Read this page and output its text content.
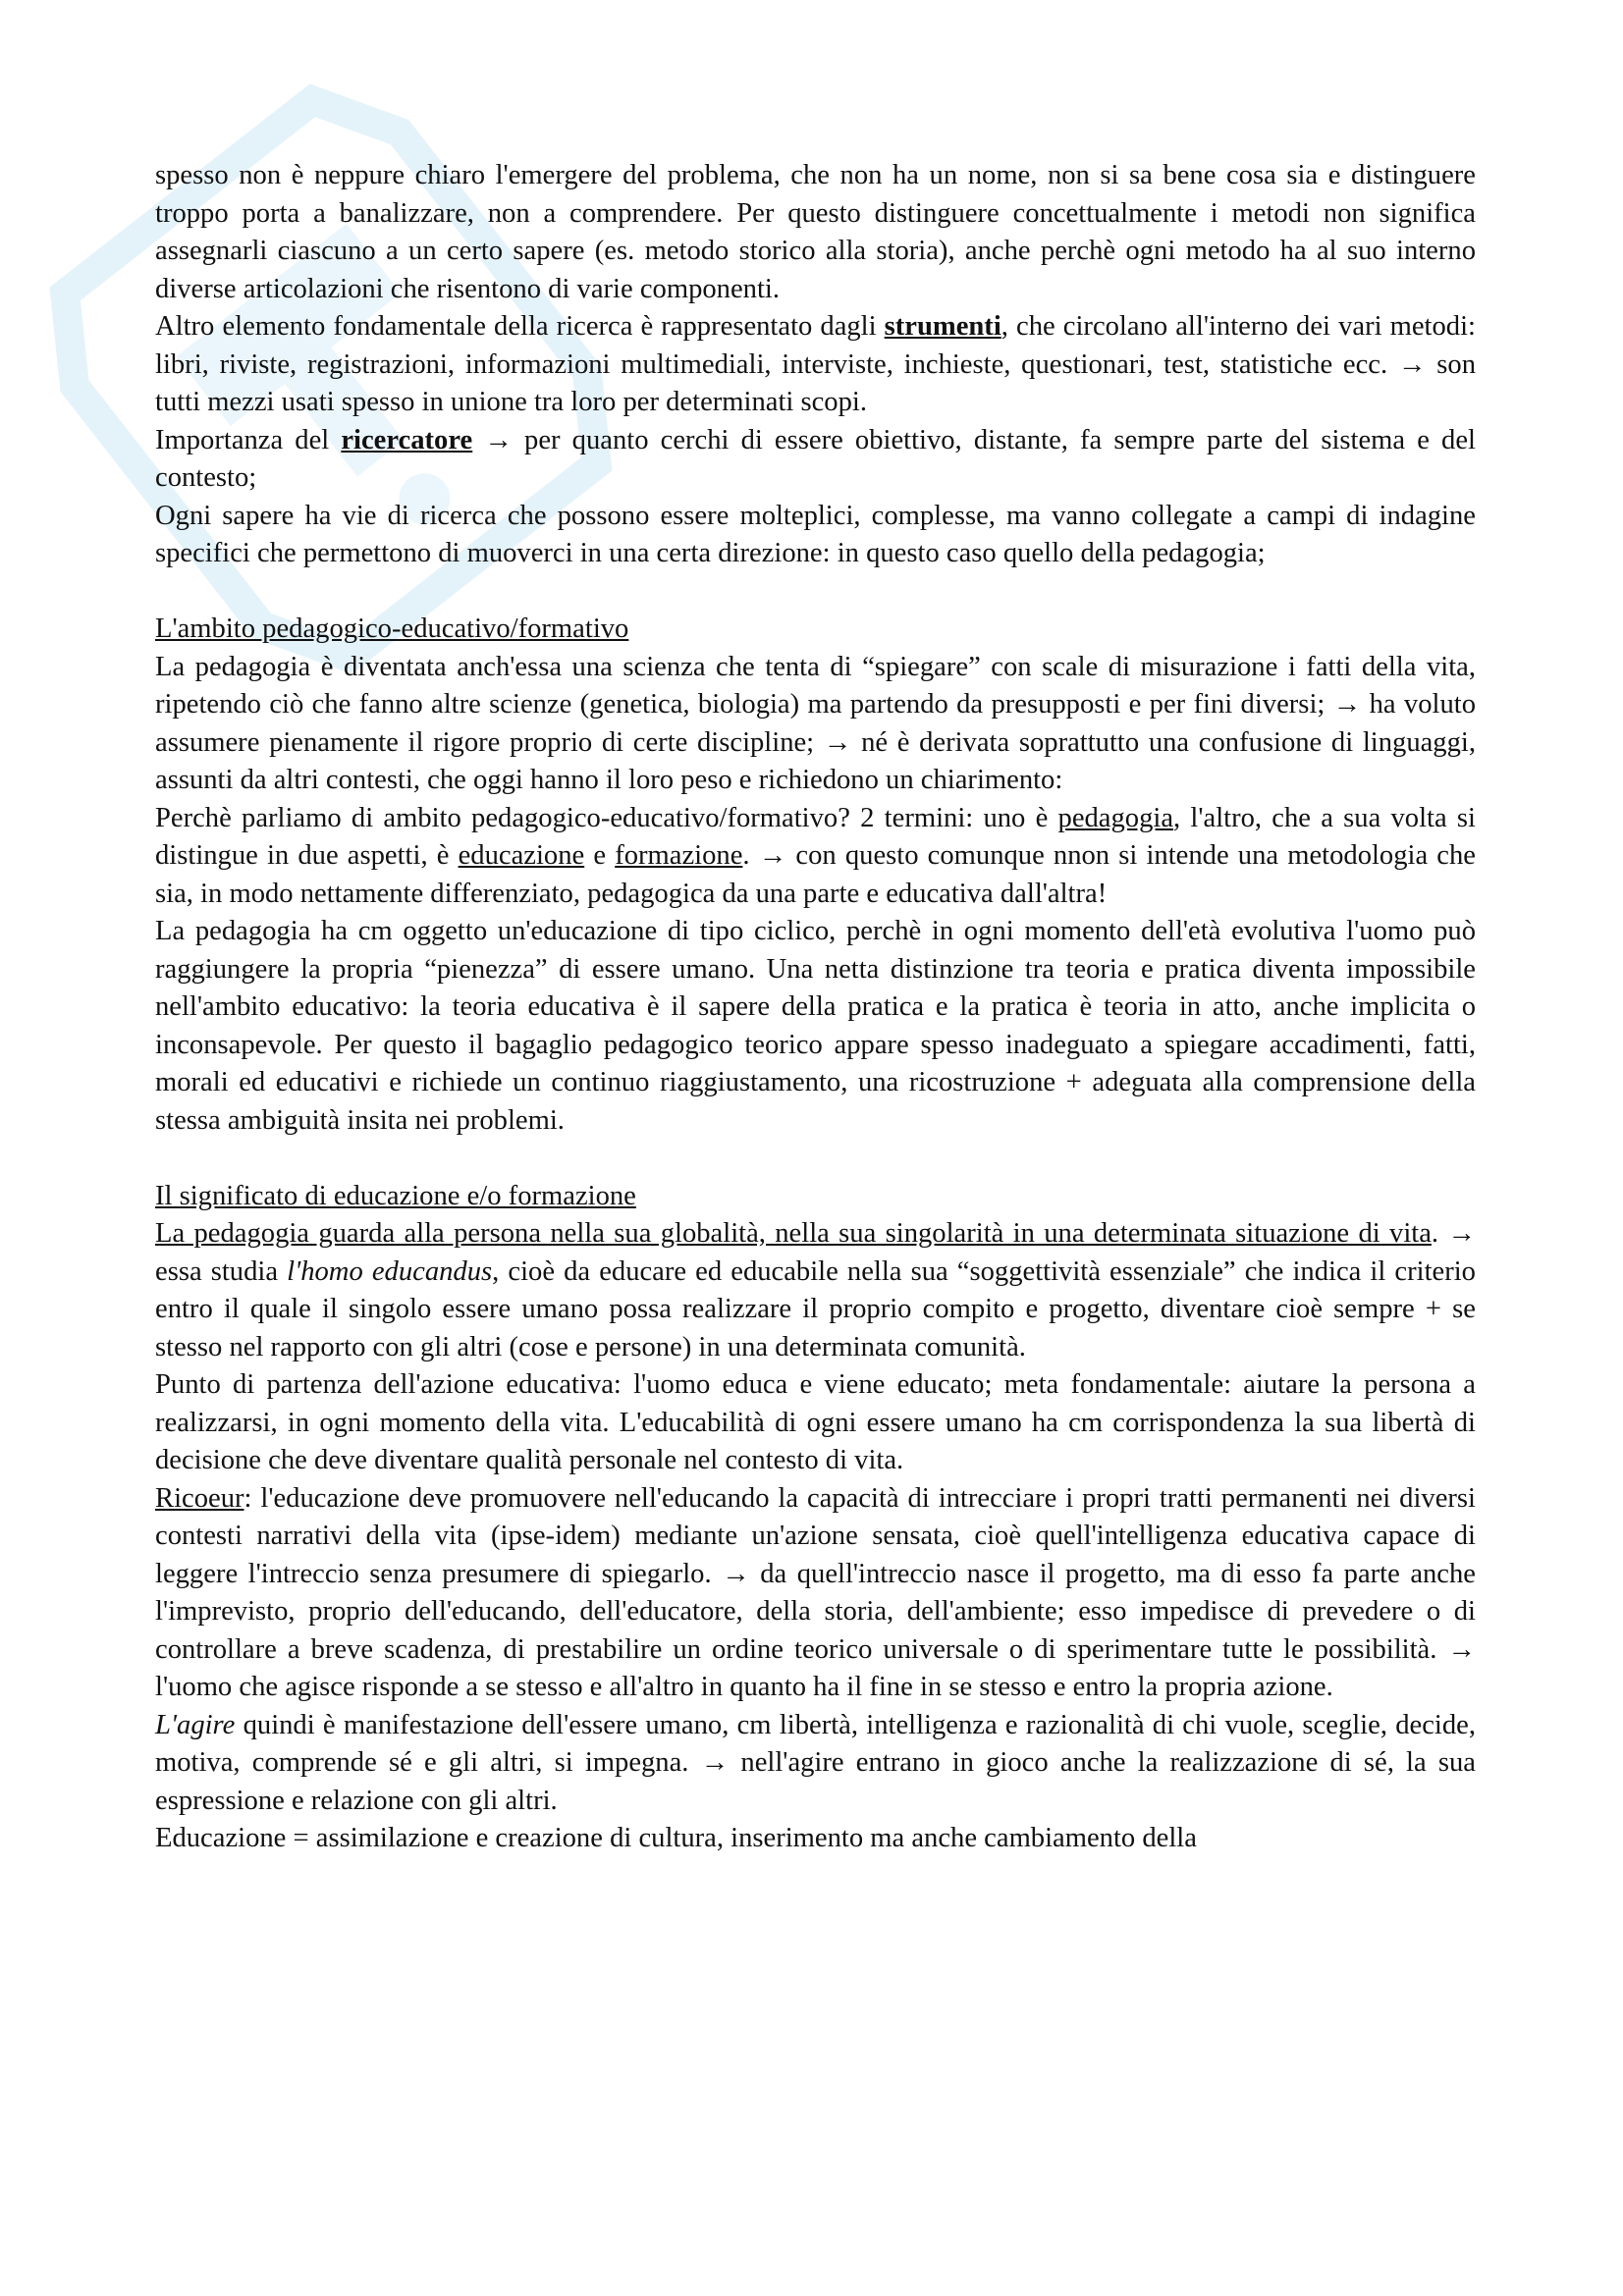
spesso non è neppure chiaro l'emergere del problema, che non ha un nome, non si sa bene cosa sia e distinguere troppo porta a banalizzare, non a comprendere. Per questo distinguere concettualmente i metodi non significa assegnarli ciascuno a un certo sapere (es. metodo storico alla storia), anche perchè ogni metodo ha al suo interno diverse articolazioni che risentono di varie componenti.

Altro elemento fondamentale della ricerca è rappresentato dagli strumenti, che circolano all'interno dei vari metodi: libri, riviste, registrazioni, informazioni multimediali, interviste, inchieste, questionari, test, statistiche ecc. → son tutti mezzi usati spesso in unione tra loro per determinati scopi.

Importanza del ricercatore → per quanto cerchi di essere obiettivo, distante, fa sempre parte del sistema e del contesto;

Ogni sapere ha vie di ricerca che possono essere molteplici, complesse, ma vanno collegate a campi di indagine specifici che permettono di muoverci in una certa direzione: in questo caso quello della pedagogia;

L'ambito pedagogico-educativo/formativo

La pedagogia è diventata anch'essa una scienza che tenta di “spiegare” con scale di misurazione i fatti della vita, ripetendo ciò che fanno altre scienze (genetica, biologia) ma partendo da presupposti e per fini diversi; → ha voluto assumere pienamente il rigore proprio di certe discipline; → né è derivata soprattutto una confusione di linguaggi, assunti da altri contesti, che oggi hanno il loro peso e richiedono un chiarimento:

Perchè parliamo di ambito pedagogico-educativo/formativo? 2 termini: uno è pedagogia, l'altro, che a sua volta si distingue in due aspetti, è educazione e formazione. → con questo comunque nnon si intende una metodologia che sia, in modo nettamente differenziato, pedagogica da una parte e educativa dall'altra!

La pedagogia ha cm oggetto un'educazione di tipo ciclico, perchè in ogni momento dell'età evolutiva l'uomo può raggiungere la propria “pienezza” di essere umano. Una netta distinzione tra teoria e pratica diventa impossibile nell'ambito educativo: la teoria educativa è il sapere della pratica e la pratica è teoria in atto, anche implicita o inconsapevole. Per questo il bagaglio pedagogico teorico appare spesso inadeguato a spiegare accadimenti, fatti, morali ed educativi e richiede un continuo riaggiustamento, una ricostruzione + adeguata alla comprensione della stessa ambiguità insita nei problemi.

Il significato di educazione e/o formazione

La pedagogia guarda alla persona nella sua globalità, nella sua singolarità in una determinata situazione di vita. → essa studia l'homo educandus, cioè da educare ed educabile nella sua “soggettività essenziale” che indica il criterio entro il quale il singolo essere umano possa realizzare il proprio compito e progetto, diventare cioè sempre + se stesso nel rapporto con gli altri (cose e persone) in una determinata comunità.

Punto di partenza dell'azione educativa: l'uomo educa e viene educato; meta fondamentale: aiutare la persona a realizzarsi, in ogni momento della vita. L'educabilità di ogni essere umano ha cm corrispondenza la sua libertà di decisione che deve diventare qualità personale nel contesto di vita.

Ricoeur: l'educazione deve promuovere nell'educando la capacità di intrecciare i propri tratti permanenti nei diversi contesti narrativi della vita (ipse-idem) mediante un'azione sensata, cioè quell'intelligenza educativa capace di leggere l'intreccio senza presumere di spiegarlo. → da quell'intreccio nasce il progetto, ma di esso fa parte anche l'imprevisto, proprio dell'educando, dell'educatore, della storia, dell'ambiente; esso impedisce di prevedere o di controllare a breve scadenza, di prestabilire un ordine teorico universale o di sperimentare tutte le possibilità. → l'uomo che agisce risponde a se stesso e all'altro in quanto ha il fine in se stesso e entro la propria azione.

L'agire quindi è manifestazione dell'essere umano, cm libertà, intelligenza e razionalità di chi vuole, sceglie, decide, motiva, comprende sé e gli altri, si impegna. → nell'agire entrano in gioco anche la realizzazione di sé, la sua espressione e relazione con gli altri.

Educazione = assimilazione e creazione di cultura, inserimento ma anche cambiamento della
